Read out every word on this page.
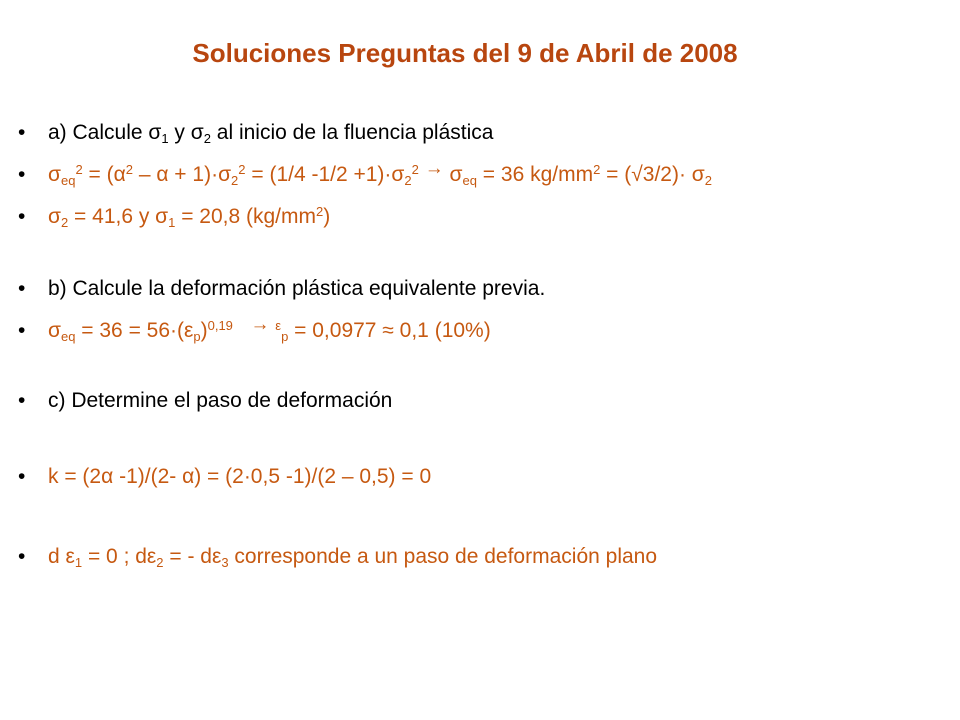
Soluciones Preguntas del 9 de Abril de 2008
• a) Calcule $\sigma_1$ y $\sigma_2$ al inicio de la fluencia plástica
• $\sigma_{eq}^2 = (\alpha^2 - \alpha + 1)\cdot\sigma_2^2 = (1/4$ $-1/2 +1)\cdot\sigma_2^2 \to \sigma_{eq} = 36$ $kg/mm^2 = (√3/2)\cdot \sigma_2$
• $\sigma_2 = 41,6$ y $\sigma_1 = 20,8$ $(kg/mm^2)$
• b) Calcule la deformación plástica equivalente previa.
• $\sigma_{eq} = 36 = 56\cdot(\varepsilon_p)^{0,19} \to ^\varepsilon_p = 0,0977 \approx 0,1$ (10%)
• c) Determine el paso de deformación
• k = (2α -1)/(2- α) = (2·0,5 -1)/(2 – 0,5) = 0
• d $\varepsilon_1 = 0$ ; $d\varepsilon_2$ = - $d\varepsilon_3$ corresponde a un paso de deformación plano
